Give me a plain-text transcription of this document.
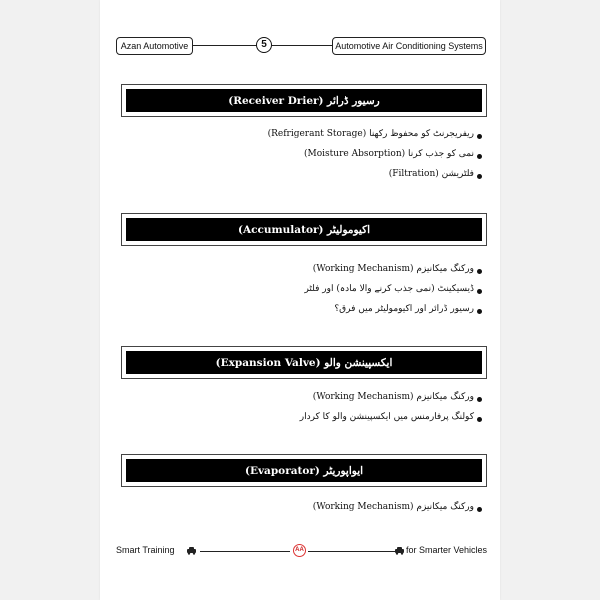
Azan Automotive	5	Automotive Air Conditioning Systems
رسیور ڈرائر (Receiver Drier)
ریفریجرنٹ کو محفوظ رکھنا (Refrigerant Storage)
نمی کو جذب کرنا (Moisture Absorption)
فلٹریشن (Filtration)
اکیومولیٹر (Accumulator)
ورکنگ میکانیزم (Working Mechanism)
ڈیسیکینٹ (نمی جذب کرنے والا مادہ) اور فلٹر
رسیور ڈرائر اور اکیومولیٹر میں فرق؟
ایکسپینشن والو (Expansion Valve)
ورکنگ میکانیزم (Working Mechanism)
کولنگ پرفارمنس میں ایکسپینشن والو کا کردار
ایواپوریٹر (Evaporator)
ورکنگ میکانیزم (Working Mechanism)
Smart Training	AA	for Smarter Vehicles
